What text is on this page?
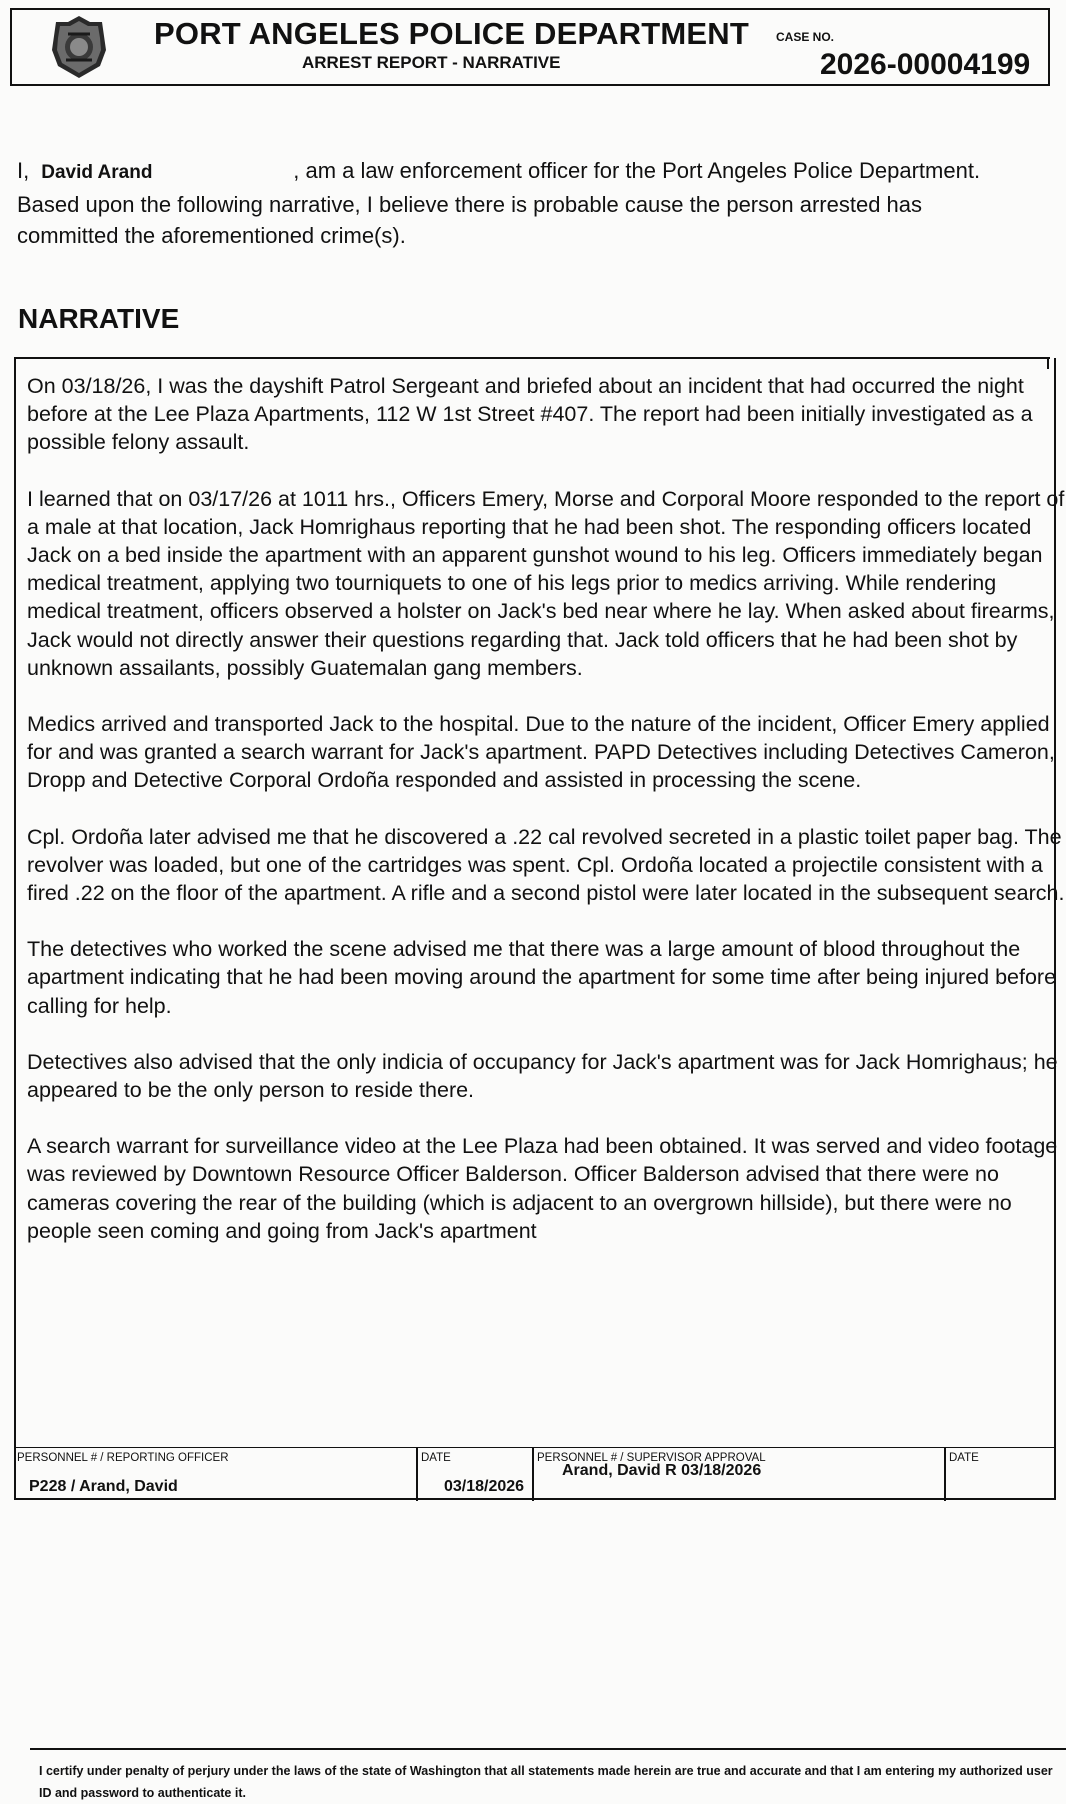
PORT ANGELES POLICE DEPARTMENT
ARREST REPORT - NARRATIVE
CASE NO.
2026-00004199
I, David Arand	, am a law enforcement officer for the Port Angeles Police Department.
Based upon the following narrative, I believe there is probable cause the person arrested has
committed the aforementioned crime(s).
NARRATIVE
I certify under penalty of perjury under the laws of the state of Washington that all statements made herein are true and accurate and that I am entering my authorized user ID and password to authenticate it.

On 03/18/26, I was the dayshift Patrol Sergeant and briefed about an incident that had occurred the night before at the Lee Plaza Apartments, 112 W 1st Street #407. The report had been initially investigated as a possible felony assault.

I learned that on 03/17/26 at 1011 hrs., Officers Emery, Morse and Corporal Moore responded to the report of a male at that location, Jack Homrighaus reporting that he had been shot. The responding officers located Jack on a bed inside the apartment with an apparent gunshot wound to his leg. Officers immediately began medical treatment, applying two tourniquets to one of his legs prior to medics arriving. While rendering medical treatment, officers observed a holster on Jack's bed near where he lay. When asked about firearms, Jack would not directly answer their questions regarding that. Jack told officers that he had been shot by unknown assailants, possibly Guatemalan gang members.

Medics arrived and transported Jack to the hospital. Due to the nature of the incident, Officer Emery applied for and was granted a search warrant for Jack's apartment. PAPD Detectives including Detectives Cameron, Dropp and Detective Corporal Ordoña responded and assisted in processing the scene.

Cpl. Ordoña later advised me that he discovered a .22 cal revolved secreted in a plastic toilet paper bag. The revolver was loaded, but one of the cartridges was spent. Cpl. Ordoña located a projectile consistent with a fired .22 on the floor of the apartment. A rifle and a second pistol were later located in the subsequent search.

The detectives who worked the scene advised me that there was a large amount of blood throughout the apartment indicating that he had been moving around the apartment for some time after being injured before calling for help.

Detectives also advised that the only indicia of occupancy for Jack's apartment was for Jack Homrighaus; he appeared to be the only person to reside there.

A search warrant for surveillance video at the Lee Plaza had been obtained. It was served and video footage was reviewed by Downtown Resource Officer Balderson. Officer Balderson advised that there were no cameras covering the rear of the building (which is adjacent to an overgrown hillside), but there were no people seen coming and going from Jack's apartment

PERSONNEL # / REPORTING OFFICER
P228 / Arand, David
DATE
03/18/2026
PERSONNEL # / SUPERVISOR APPROVAL
Arand, David R 03/18/2026
DATE
